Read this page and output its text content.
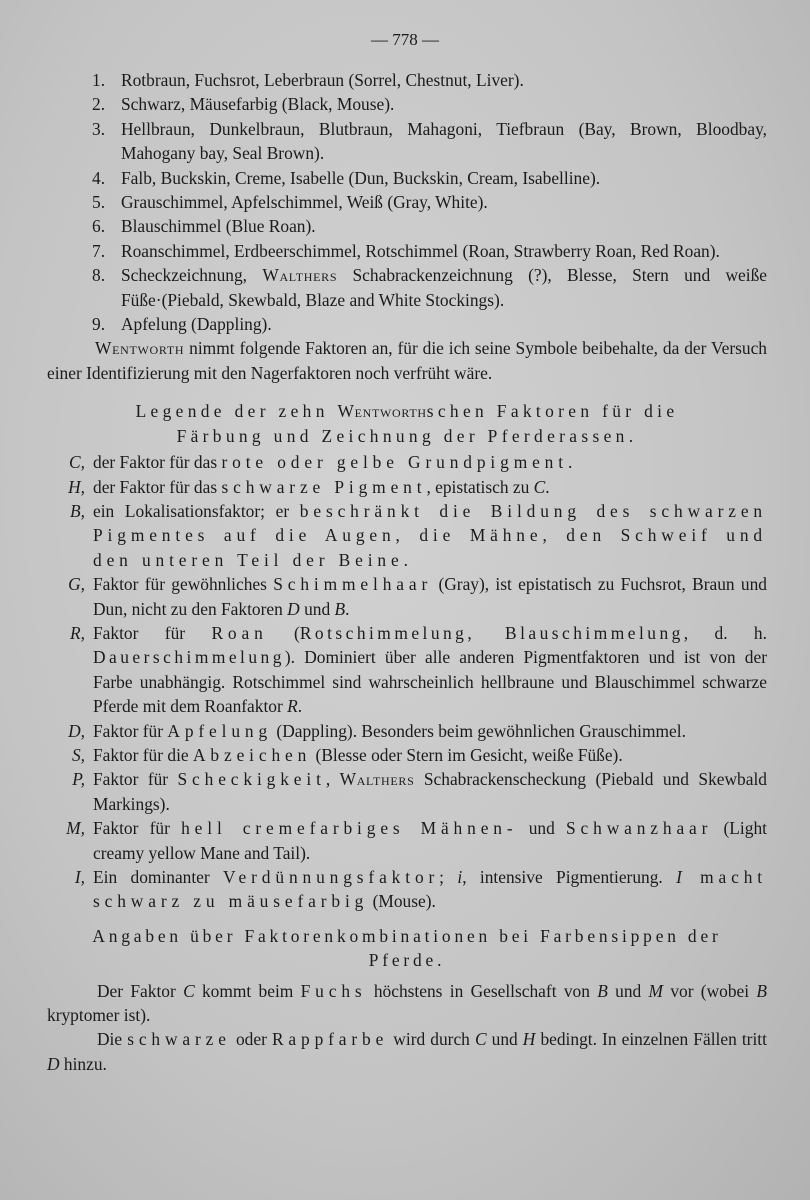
— 778 —
1. Rotbraun, Fuchsrot, Leberbraun (Sorrel, Chestnut, Liver).
2. Schwarz, Mäusefarbig (Black, Mouse).
3. Hellbraun, Dunkelbraun, Blutbraun, Mahagoni, Tiefbraun (Bay, Brown, Bloodbay, Mahogany bay, Seal Brown).
4. Falb, Buckskin, Creme, Isabelle (Dun, Buckskin, Cream, Isabelline).
5. Grauschimmel, Apfelschimmel, Weiß (Gray, White).
6. Blauschimmel (Blue Roan).
7. Roanschimmel, Erdbeerschimmel, Rotschimmel (Roan, Strawberry Roan, Red Roan).
8. Scheckzeichnung, Walthers Schabrackenzeichnung (?), Blesse, Stern und weiße Füße·(Piebald, Skewbald, Blaze and White Stockings).
9. Apfelung (Dappling).

Wentworth nimmt folgende Faktoren an, für die ich seine Symbole beibehalte, da der Versuch einer Identifizierung mit den Nagerfaktoren noch verfrüht wäre.

Legende der zehn Wentworthschen Faktoren für die
Färbung und Zeichnung der Pferderassen.
C, der Faktor für das rote oder gelbe Grundpigment.
H, der Faktor für das schwarze Pigment, epistatisch zu C.
B, ein Lokalisationsfaktor; er beschränkt die Bildung des schwarzen Pigmentes auf die Augen, die Mähne, den Schweif und den unteren Teil der Beine.
G, Faktor für gewöhnliches Schimmelhaar (Gray), ist epistatisch zu Fuchsrot, Braun und Dun, nicht zu den Faktoren D und B.
R, Faktor für Roan (Rotschimmelung, Blauschimmelung, d. h. Dauerschimmelung). Dominiert über alle anderen Pigmentfaktoren und ist von der Farbe unabhängig. Rotschimmel sind wahrscheinlich hellbraune und Blauschimmel schwarze Pferde mit dem Roanfaktor R.
D, Faktor für Apfelung (Dappling). Besonders beim gewöhnlichen Grauschimmel.
S, Faktor für die Abzeichen (Blesse oder Stern im Gesicht, weiße Füße).
P, Faktor für Scheckigkeit, Walthers Schabrackenscheckung (Piebald und Skewbald Markings).
M, Faktor für hell cremefarbiges Mähnen- und Schwanzhaar (Light creamy yellow Mane and Tail).
I, Ein dominanter Verdünnungsfaktor; i, intensive Pigmentierung. I macht schwarz zu mäusefarbig (Mouse).

Angaben über Faktorenkombinationen bei Farbensippen der Pferde.

Der Faktor C kommt beim Fuchs höchstens in Gesellschaft von B und M vor (wobei B kryptomer ist).

Die schwarze oder Rappfarbe wird durch C und H bedingt. In einzelnen Fällen tritt D hinzu.
